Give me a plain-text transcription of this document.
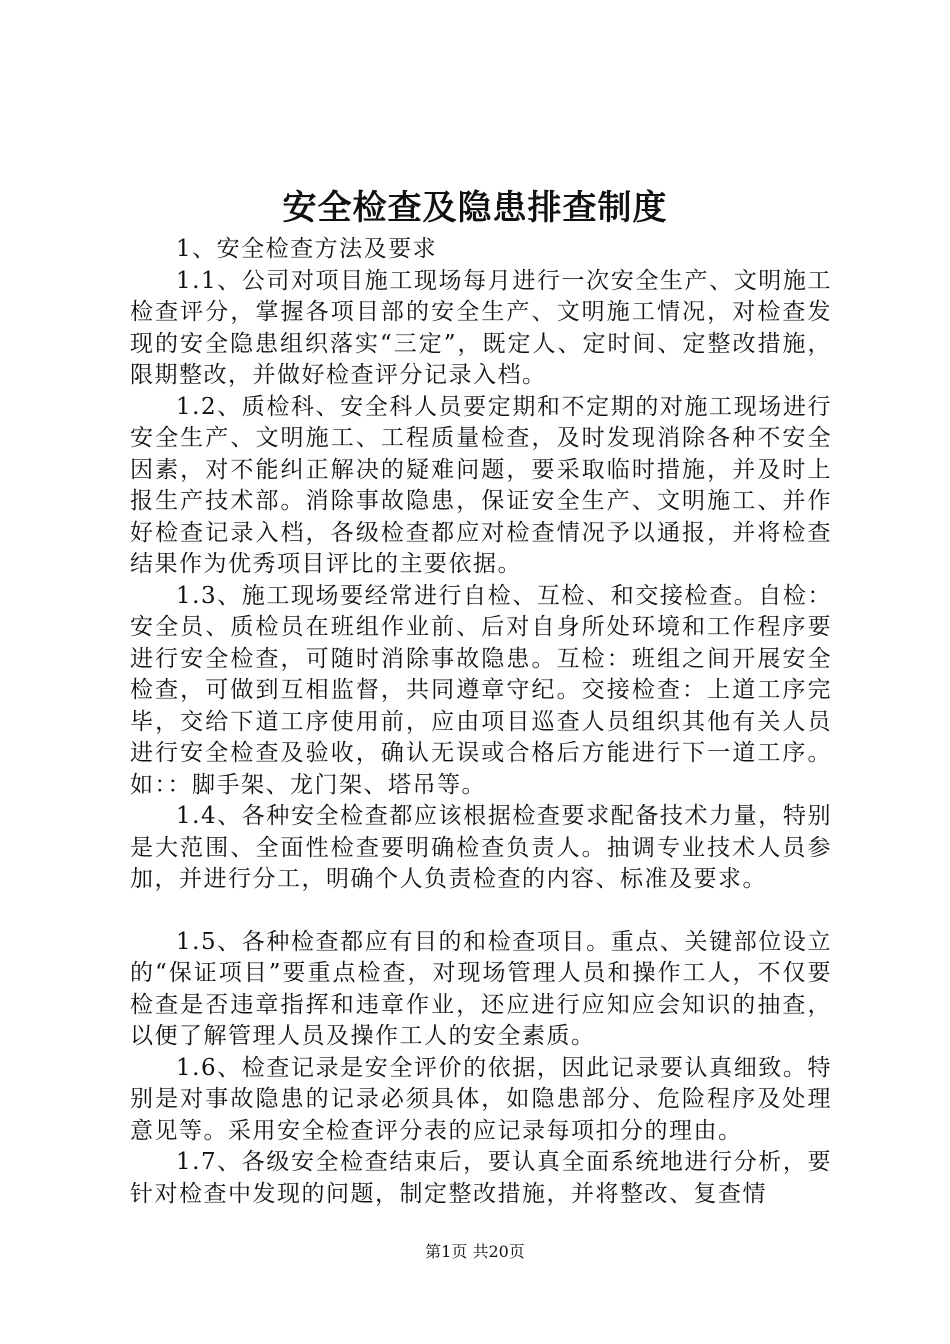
安全检查及隐患排查制度

1、安全检查方法及要求

1.1、公司对项目施工现场每月进行一次安全生产、文明施工检查评分，掌握各项目部的安全生产、文明施工情况，对检查发现的安全隐患组织落实“三定”，既定人、定时间、定整改措施，限期整改，并做好检查评分记录入档。

1.2、质检科、安全科人员要定期和不定期的对施工现场进行安全生产、文明施工、工程质量检查，及时发现消除各种不安全因素，对不能纠正解决的疑难问题，要采取临时措施，并及时上报生产技术部。消除事故隐患，保证安全生产、文明施工、并作好检查记录入档，各级检查都应对检查情况予以通报，并将检查结果作为优秀项目评比的主要依据。

1.3、施工现场要经常进行自检、互检、和交接检查。自检：安全员、质检员在班组作业前、后对自身所处环境和工作程序要进行安全检查，可随时消除事故隐患。互检：班组之间开展安全检查，可做到互相监督，共同遵章守纪。交接检查：上道工序完毕，交给下道工序使用前，应由项目巡查人员组织其他有关人员进行安全检查及验收，确认无误或合格后方能进行下一道工序。如：：脚手架、龙门架、塔吊等。

1.4、各种安全检查都应该根据检查要求配备技术力量，特别是大范围、全面性检查要明确检查负责人。抽调专业技术人员参加，并进行分工，明确个人负责检查的内容、标准及要求。

1.5、各种检查都应有目的和检查项目。重点、关键部位设立的“保证项目”要重点检查，对现场管理人员和操作工人，不仅要检查是否违章指挥和违章作业，还应进行应知应会知识的抽查，以便了解管理人员及操作工人的安全素质。

1.6、检查记录是安全评价的依据，因此记录要认真细致。特别是对事故隐患的记录必须具体，如隐患部分、危险程序及处理意见等。采用安全检查评分表的应记录每项扣分的理由。

1.7、各级安全检查结束后，要认真全面系统地进行分析，要针对检查中发现的问题，制定整改措施，并将整改、复查情

第1页 共20页
